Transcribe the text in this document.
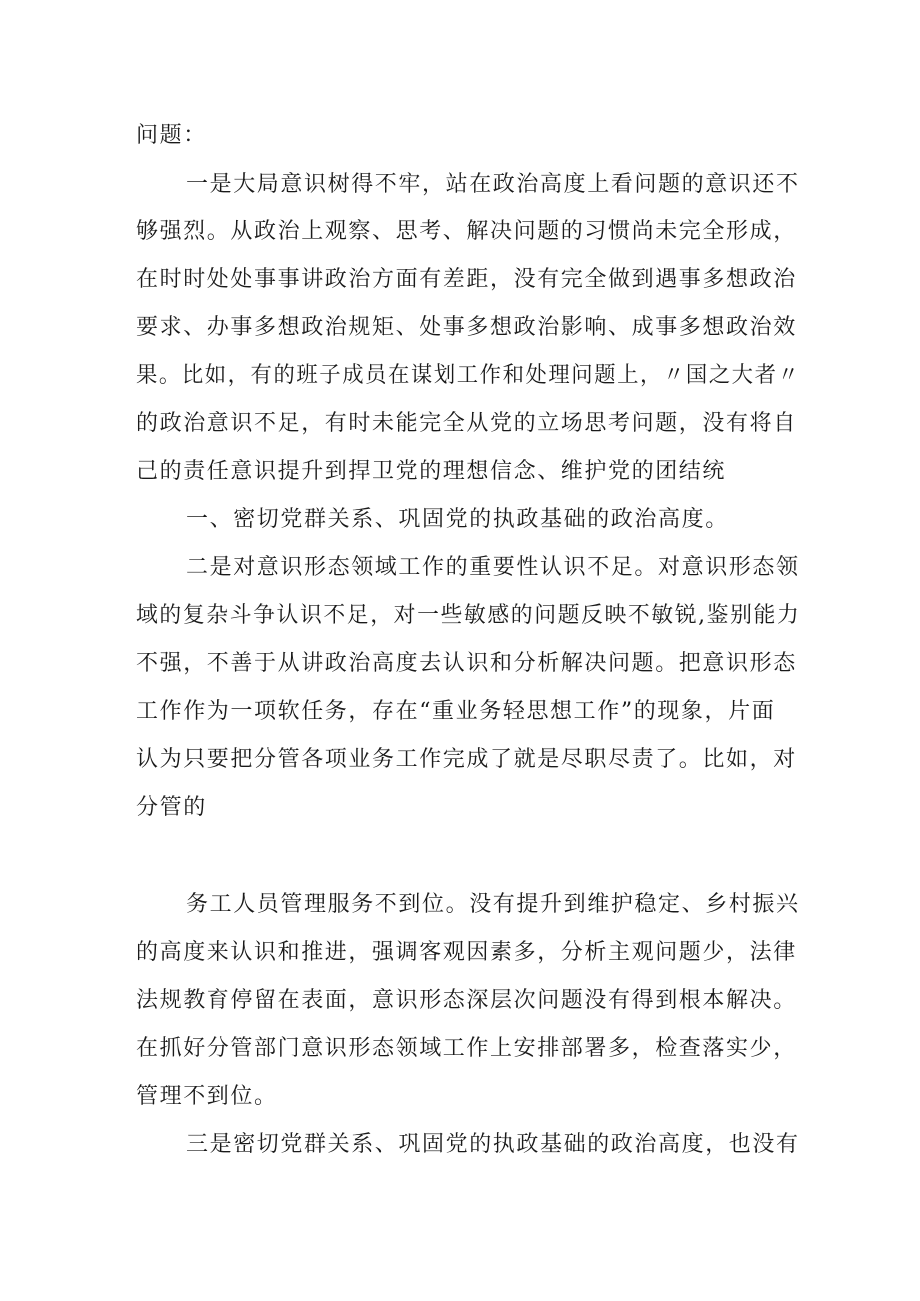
问题：
一是大局意识树得不牢，站在政治高度上看问题的意识还不
够强烈。从政治上观察、思考、解决问题的习惯尚未完全形成，
在时时处处事事讲政治方面有差距，没有完全做到遇事多想政治
要求、办事多想政治规矩、处事多想政治影响、成事多想政治效
果。比如，有的班子成员在谋划工作和处理问题上，〃国之大者〃
的政治意识不足，有时未能完全从党的立场思考问题，没有将自
己的责任意识提升到捍卫党的理想信念、维护党的团结统
一、密切党群关系、巩固党的执政基础的政治高度。
二是对意识形态领域工作的重要性认识不足。对意识形态领
域的复杂斗争认识不足，对一些敏感的问题反映不敏锐,鉴别能力
不强，不善于从讲政治高度去认识和分析解决问题。把意识形态
工作作为一项软任务，存在“重业务轻思想工作”的现象，片面
认为只要把分管各项业务工作完成了就是尽职尽责了。比如，对
分管的
务工人员管理服务不到位。没有提升到维护稳定、乡村振兴
的高度来认识和推进，强调客观因素多，分析主观问题少，法律
法规教育停留在表面，意识形态深层次问题没有得到根本解决。
在抓好分管部门意识形态领域工作上安排部署多，检查落实少，
管理不到位。
三是密切党群关系、巩固党的执政基础的政治高度，也没有
